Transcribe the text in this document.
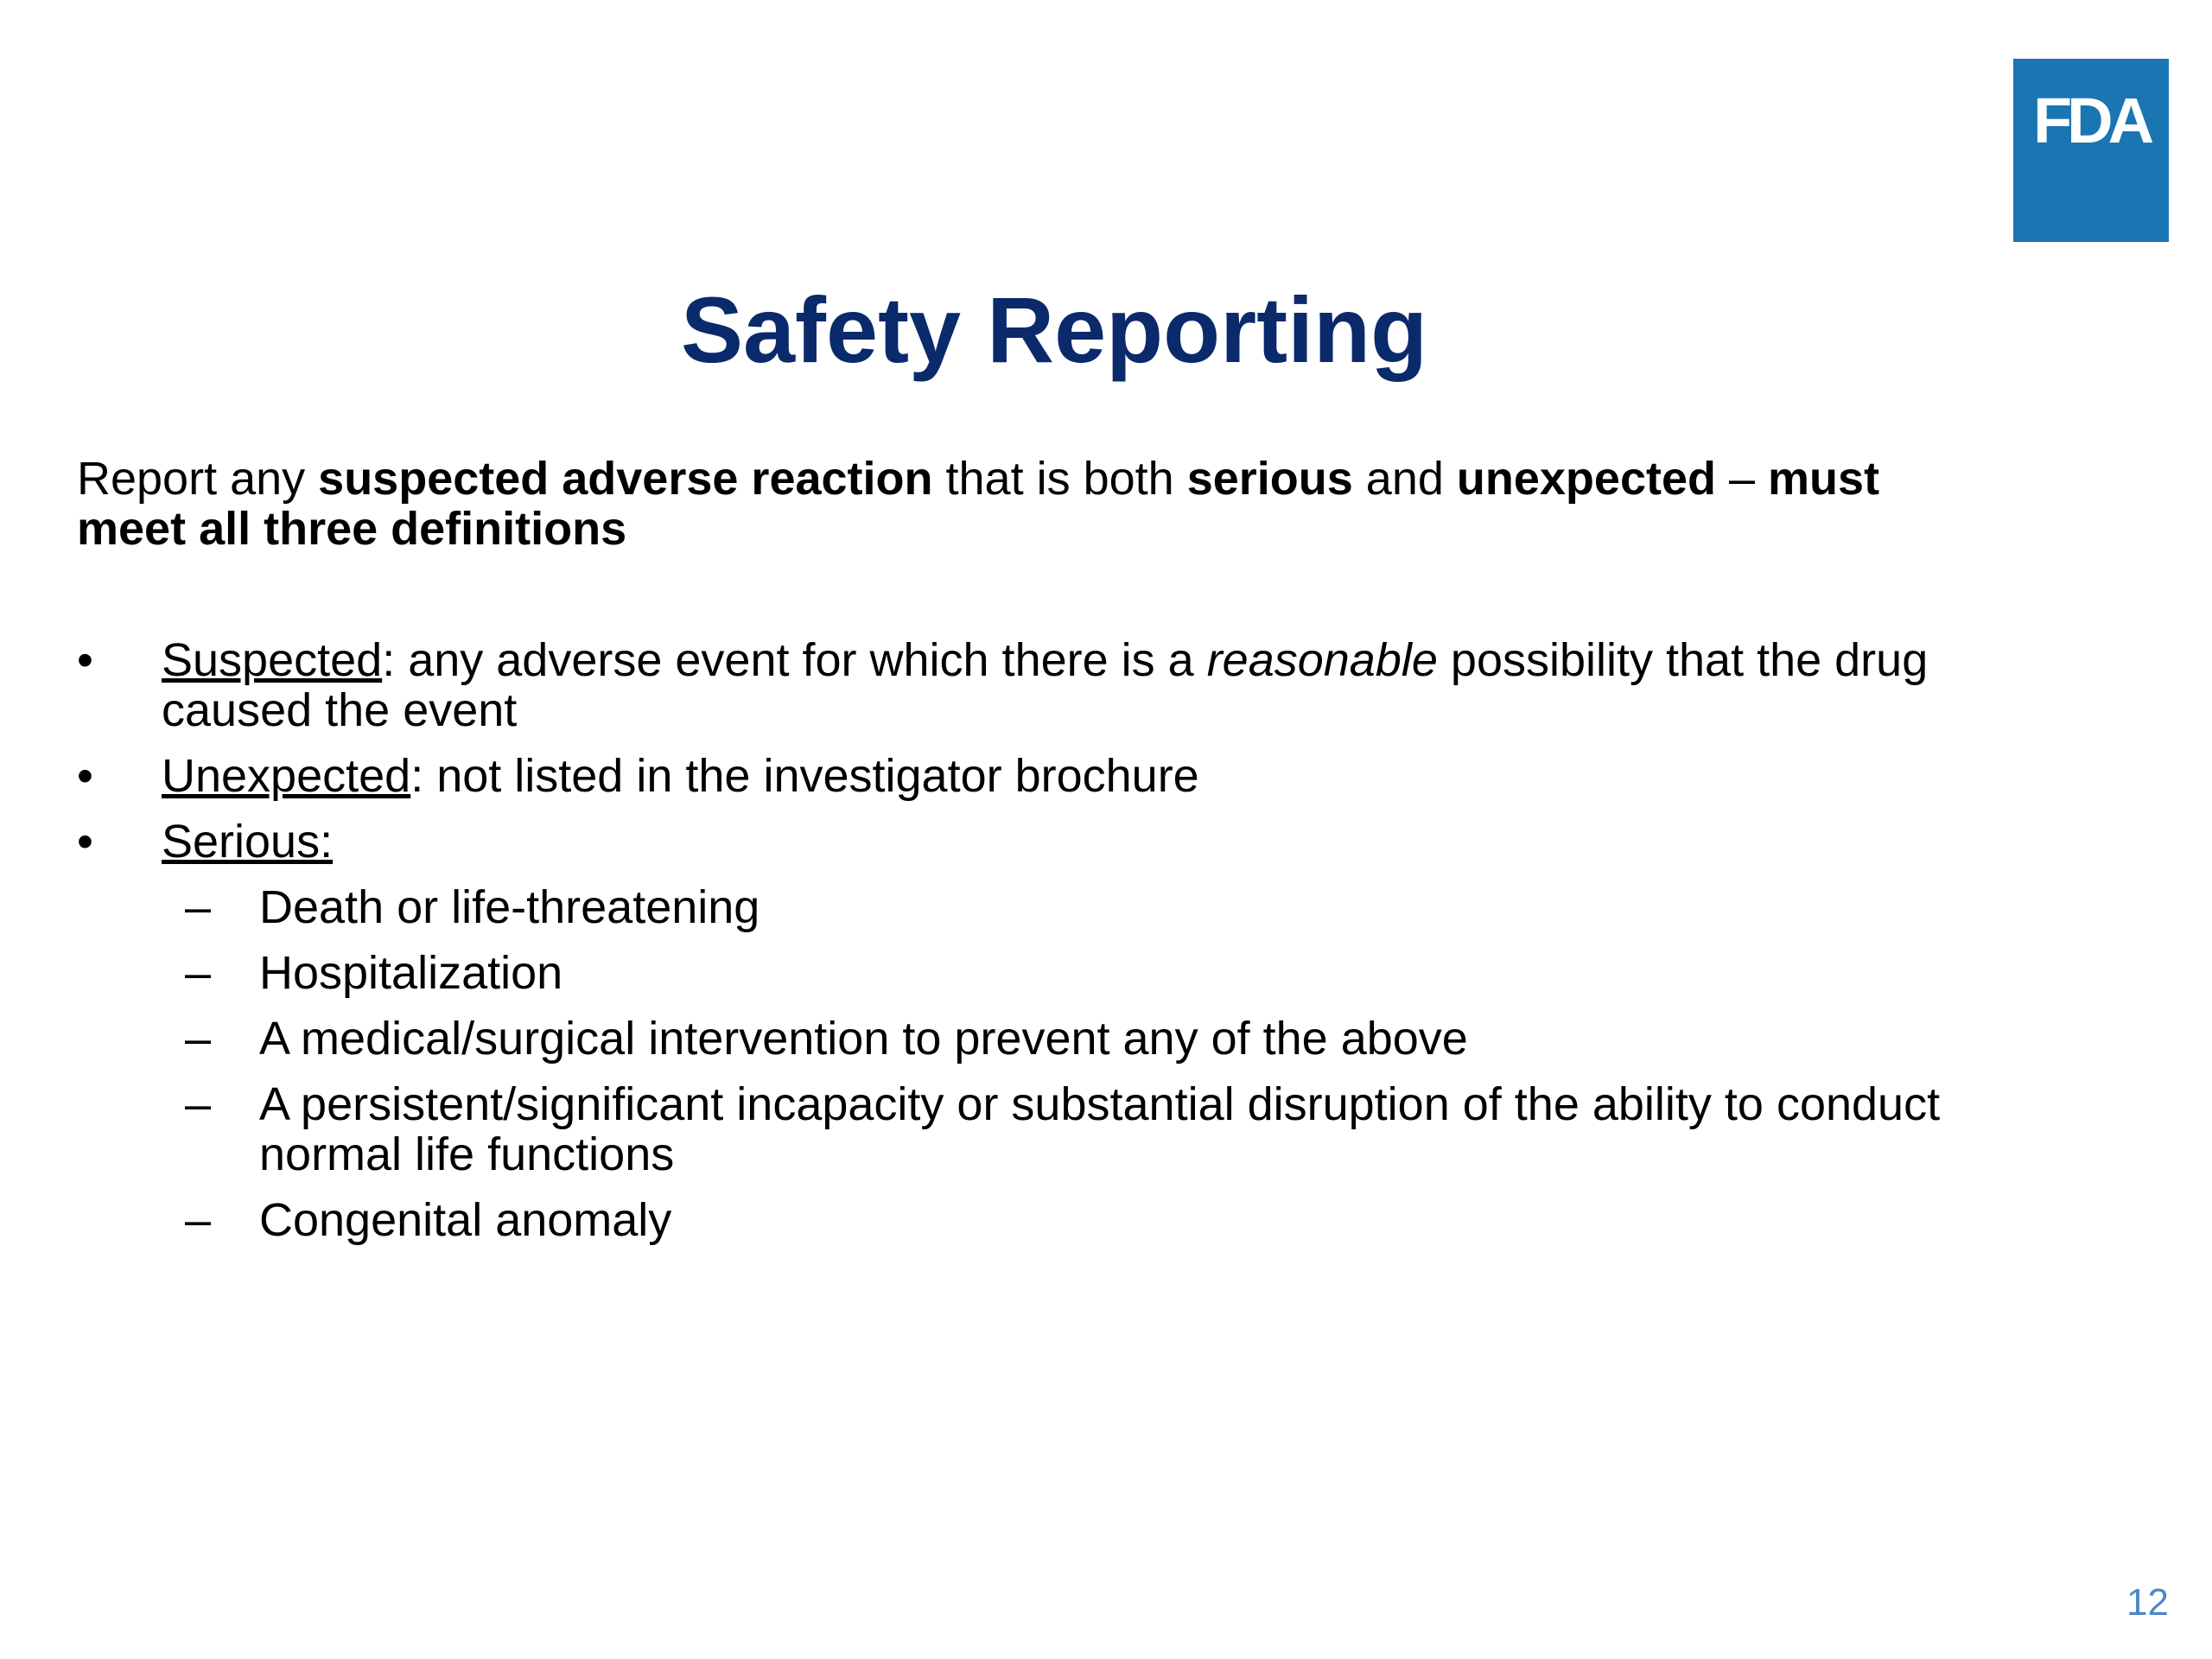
FDA
Safety Reporting

Report any suspected adverse reaction that is both serious and unexpected – must meet all three definitions

• Suspected: any adverse event for which there is a reasonable possibility that the drug caused the event
• Unexpected: not listed in the investigator brochure
• Serious:
– Death or life-threatening
– Hospitalization
– A medical/surgical intervention to prevent any of the above
– A persistent/significant incapacity or substantial disruption of the ability to conduct normal life functions
– Congenital anomaly
12
